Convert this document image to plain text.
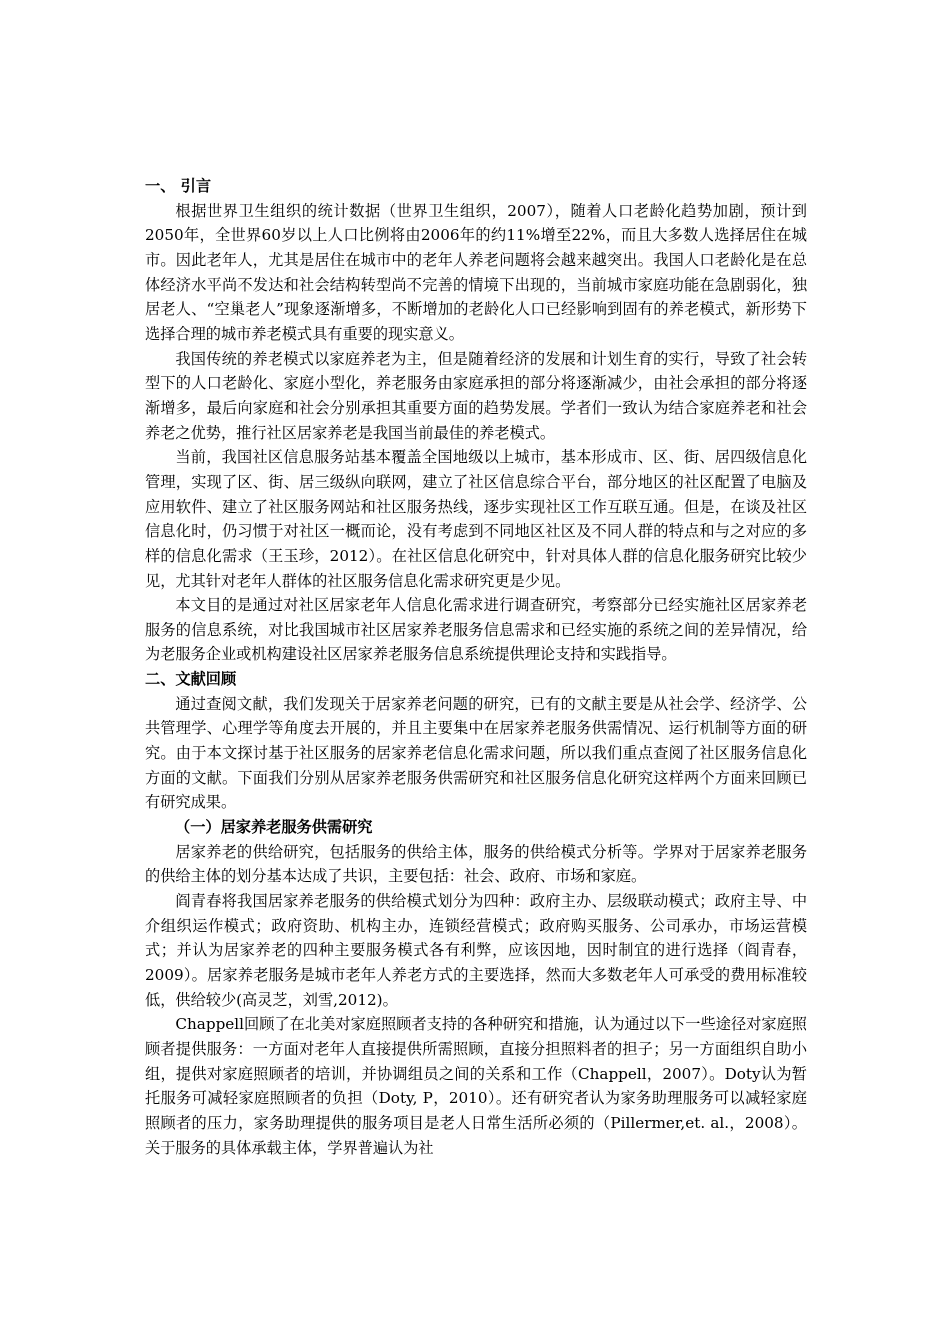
一、 引言

根据世界卫生组织的统计数据（世界卫生组织，2007），随着人口老龄化趋势加剧，预计到2050年，全世界60岁以上人口比例将由2006年的约11%增至22%，而且大多数人选择居住在城市。因此老年人，尤其是居住在城市中的老年人养老问题将会越来越突出。我国人口老龄化是在总体经济水平尚不发达和社会结构转型尚不完善的情境下出现的，当前城市家庭功能在急剧弱化，独居老人、“空巢老人”现象逐渐增多，不断增加的老龄化人口已经影响到固有的养老模式，新形势下选择合理的城市养老模式具有重要的现实意义。

我国传统的养老模式以家庭养老为主，但是随着经济的发展和计划生育的实行，导致了社会转型下的人口老龄化、家庭小型化，养老服务由家庭承担的部分将逐渐减少，由社会承担的部分将逐渐增多，最后向家庭和社会分别承担其重要方面的趋势发展。学者们一致认为结合家庭养老和社会养老之优势，推行社区居家养老是我国当前最佳的养老模式。

当前，我国社区信息服务站基本覆盖全国地级以上城市，基本形成市、区、街、居四级信息化管理，实现了区、街、居三级纵向联网，建立了社区信息综合平台，部分地区的社区配置了电脑及应用软件、建立了社区服务网站和社区服务热线，逐步实现社区工作互联互通。但是，在谈及社区信息化时，仍习惯于对社区一概而论，没有考虑到不同地区社区及不同人群的特点和与之对应的多样的信息化需求（王玉珍，2012）。在社区信息化研究中，针对具体人群的信息化服务研究比较少见，尤其针对老年人群体的社区服务信息化需求研究更是少见。

本文目的是通过对社区居家老年人信息化需求进行调查研究，考察部分已经实施社区居家养老服务的信息系统，对比我国城市社区居家养老服务信息需求和已经实施的系统之间的差异情况，给为老服务企业或机构建设社区居家养老服务信息系统提供理论支持和实践指导。

二、文献回顾

通过查阅文献，我们发现关于居家养老问题的研究，已有的文献主要是从社会学、经济学、公共管理学、心理学等角度去开展的，并且主要集中在居家养老服务供需情况、运行机制等方面的研究。由于本文探讨基于社区服务的居家养老信息化需求问题，所以我们重点查阅了社区服务信息化方面的文献。下面我们分别从居家养老服务供需研究和社区服务信息化研究这样两个方面来回顾已有研究成果。

（一）居家养老服务供需研究

居家养老的供给研究，包括服务的供给主体，服务的供给模式分析等。学界对于居家养老服务的供给主体的划分基本达成了共识，主要包括：社会、政府、市场和家庭。

阎青春将我国居家养老服务的供给模式划分为四种：政府主办、层级联动模式；政府主导、中介组织运作模式；政府资助、机构主办，连锁经营模式；政府购买服务、公司承办，市场运营模式；并认为居家养老的四种主要服务模式各有利弊，应该因地，因时制宜的进行选择（阎青春，2009）。居家养老服务是城市老年人养老方式的主要选择，然而大多数老年人可承受的费用标准较低，供给较少(高灵芝，刘雪,2012)。

Chappell回顾了在北美对家庭照顾者支持的各种研究和措施，认为通过以下一些途径对家庭照顾者提供服务：一方面对老年人直接提供所需照顾，直接分担照料者的担子；另一方面组织自助小组，提供对家庭照顾者的培训，并协调组员之间的关系和工作（Chappell，2007）。Doty认为暂托服务可减轻家庭照顾者的负担（Doty, P，2010）。还有研究者认为家务助理服务可以减轻家庭照顾者的压力，家务助理提供的服务项目是老人日常生活所必须的（Pillermer,et. al.，2008）。关于服务的具体承载主体，学界普遍认为社
